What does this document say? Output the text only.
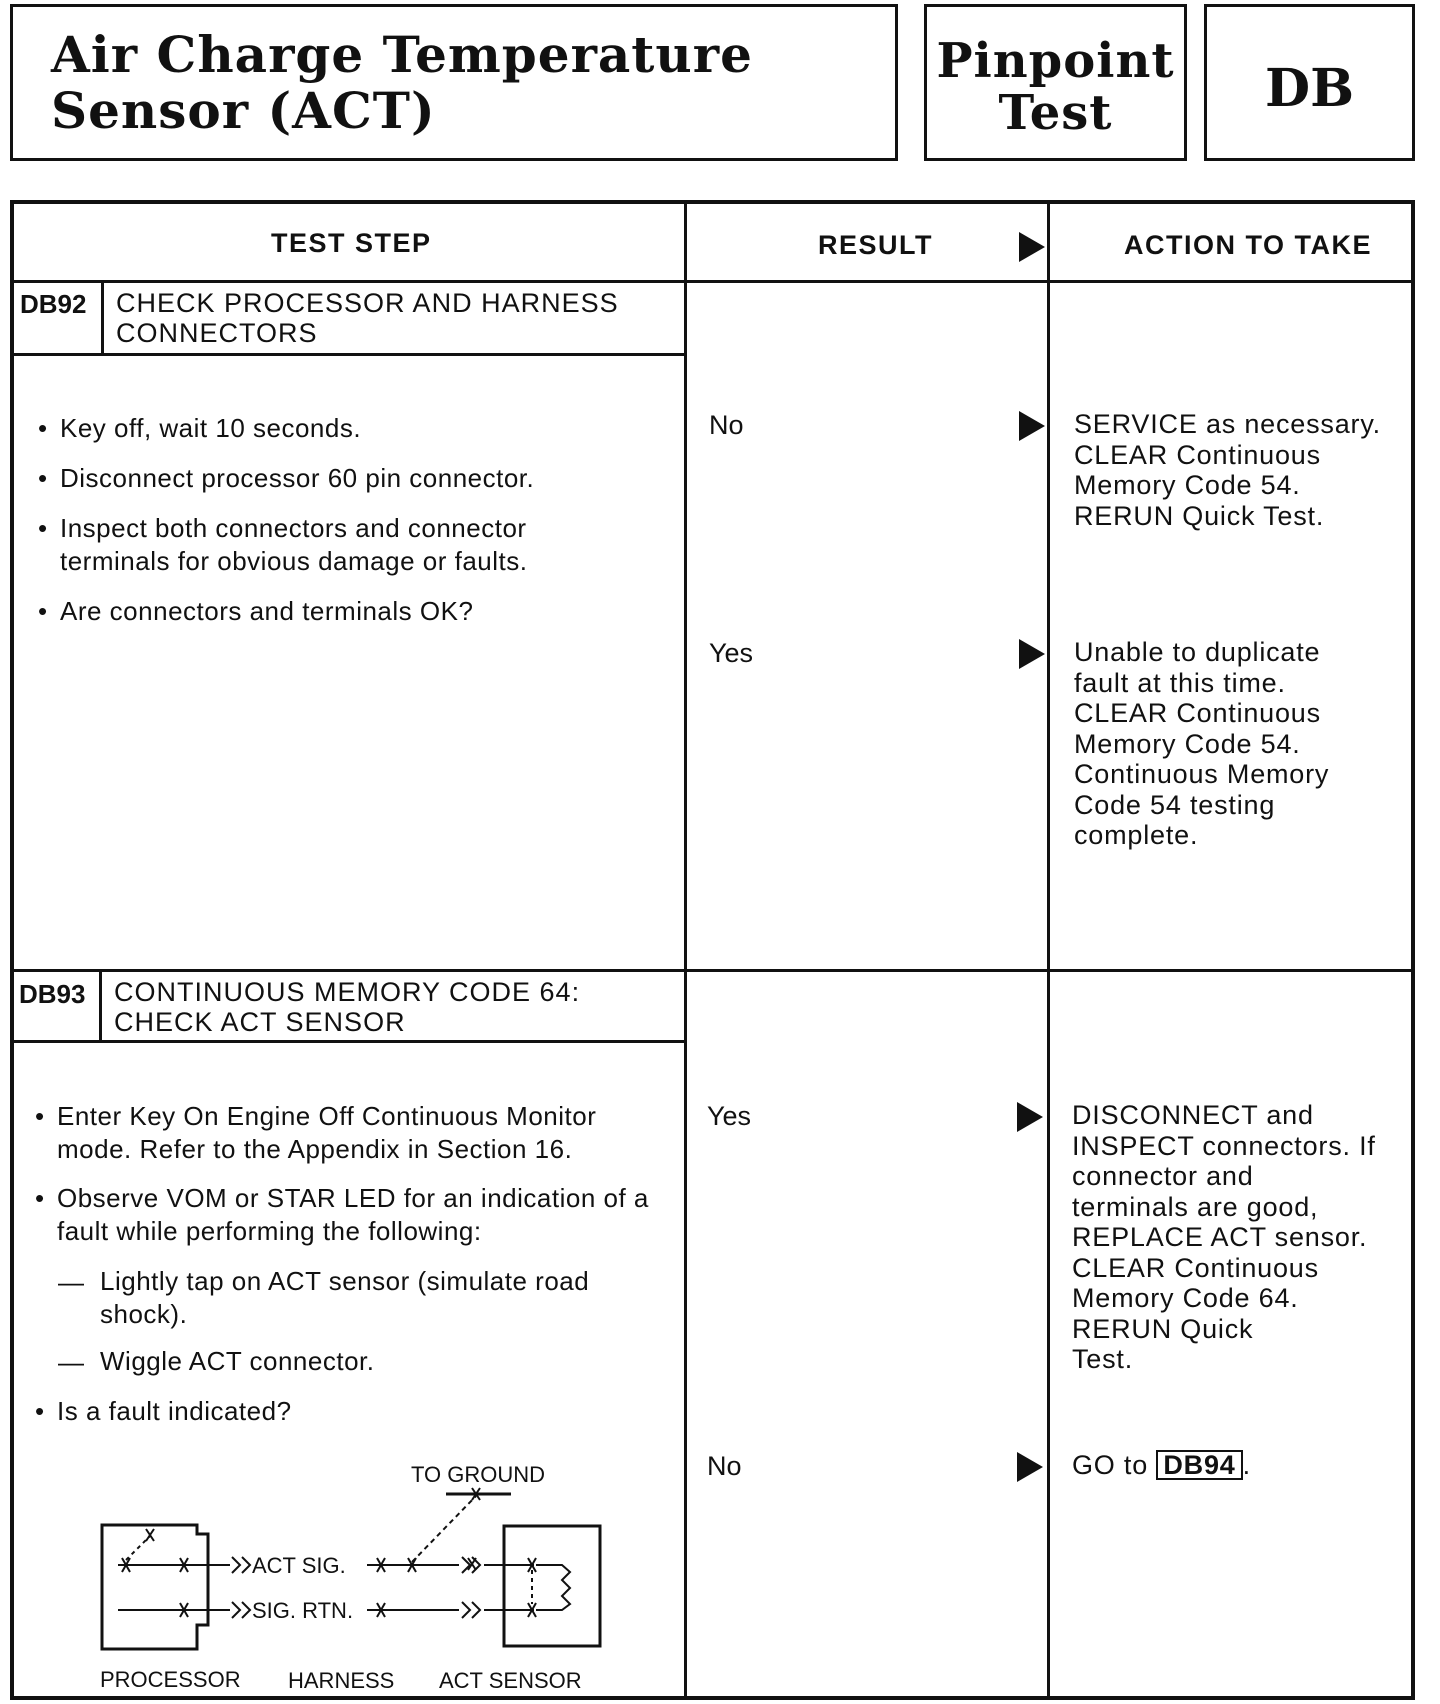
Air Charge Temperature
Sensor (ACT)
Pinpoint
Test	DB
TEST STEP	RESULT	ACTION TO TAKE
DB92 CHECK PROCESSOR AND HARNESS
CONNECTORS
• Key off, wait 10 seconds.
• Disconnect processor 60 pin connector.
• Inspect both connectors and connector terminals for obvious damage or faults.
• Are connectors and terminals OK?
No	SERVICE as necessary.
CLEAR Continuous
Memory Code 54.
RERUN Quick Test.
Yes	Unable to duplicate
fault at this time.
CLEAR Continuous
Memory Code 54.
Continuous Memory
Code 54 testing
complete.
DB93 CONTINUOUS MEMORY CODE 64:
CHECK ACT SENSOR
• Enter Key On Engine Off Continuous Monitor mode. Refer to the Appendix in Section 16.
• Observe VOM or STAR LED for an indication of a fault while performing the following:
— Lightly tap on ACT sensor (simulate road shock).
— Wiggle ACT connector.
• Is a fault indicated?
TO GROUND
ACT SIG.
SIG. RTN.
PROCESSOR HARNESS ACT SENSOR
Yes	DISCONNECT and
INSPECT connectors. If
connector and
terminals are good,
REPLACE ACT sensor.
CLEAR Continuous
Memory Code 64.
RERUN Quick
Test.
No	GO to DB94 .
